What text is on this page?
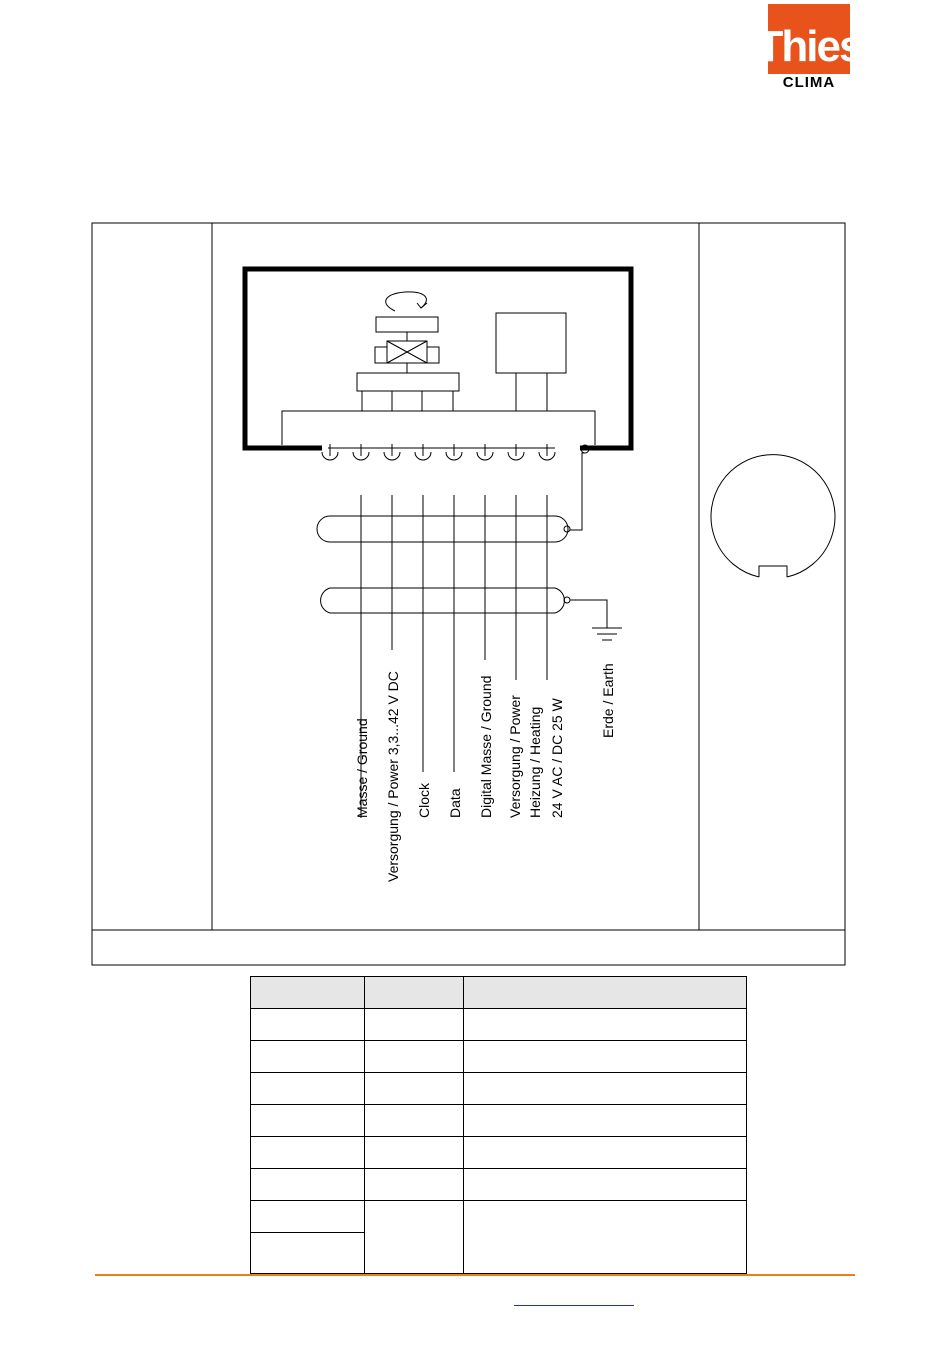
Thies
CLIMA
Masse / Ground Versorgung / Power 3,3...42 V DC Clock Data Digital Masse / Ground Versorgung / Power Heizung / Heating 24 V AC / DC 25 W	Erde / Earth
